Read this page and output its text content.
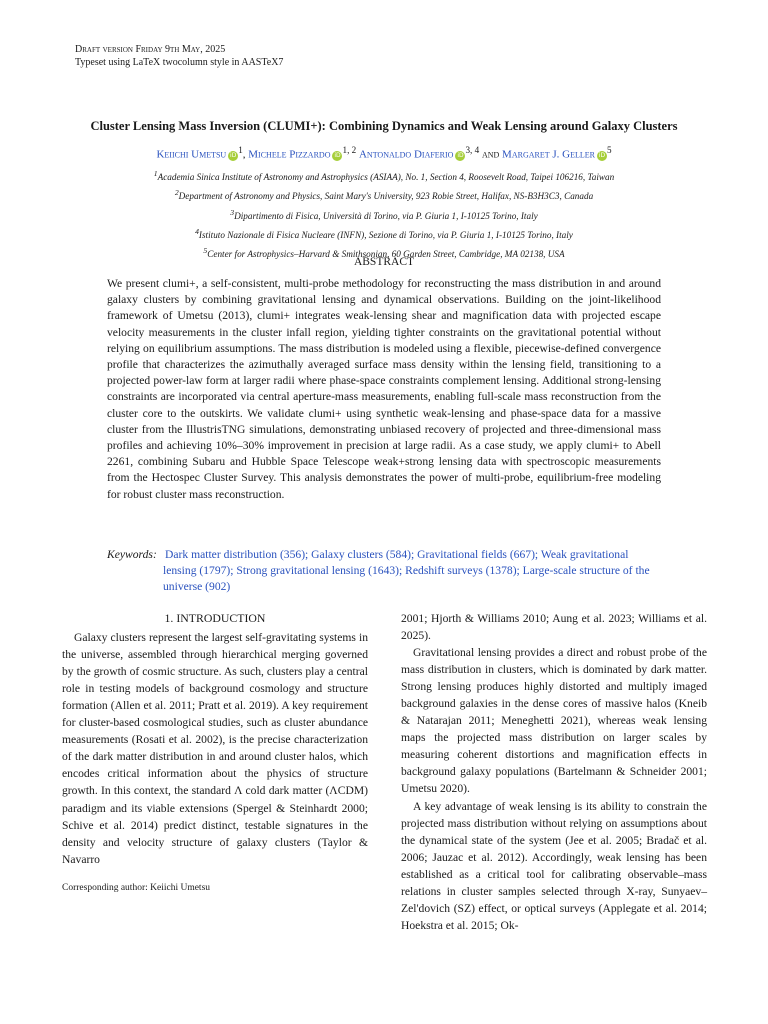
Draft version Friday 9th May, 2025
Typeset using LaTeX twocolumn style in AASTeX7
Cluster Lensing Mass Inversion (CLUMI+): Combining Dynamics and Weak Lensing around Galaxy Clusters
Keiichi Umetsu $iD^1$, Michele Pizzardo iD$^{1, 2}$ Antonaldo Diaferio iD$^{3, 4}$ and Margaret J. Geller $iD^5$
$^1$Academia Sinica Institute of Astronomy and Astrophysics (ASIAA), No. 1, Section 4, Roosevelt Road, Taipei 106216, Taiwan
$^2$Department of Astronomy and Physics, Saint Mary's University, 923 Robie Street, Halifax, NS-B3H3C3, Canada
$^3$Dipartimento di Fisica, Università di Torino, via P. Giuria 1, I-10125 Torino, Italy
$^4$Istituto Nazionale di Fisica Nucleare (INFN), Sezione di Torino, via P. Giuria 1, I-10125 Torino, Italy
$^5$Center for Astrophysics–Harvard & Smithsonian, 60 Garden Street, Cambridge, MA 02138, USA
ABSTRACT
We present clumi+, a self-consistent, multi-probe methodology for reconstructing the mass distribution in and around galaxy clusters by combining gravitational lensing and dynamical observations. Building on the joint-likelihood framework of Umetsu (2013), clumi+ integrates weak-lensing shear and magnification data with projected escape velocity measurements in the cluster infall region, yielding tighter constraints on the gravitational potential without relying on equilibrium assumptions. The mass distribution is modeled using a flexible, piecewise-defined convergence profile that characterizes the azimuthally averaged surface mass density within the lensing field, transitioning to a projected power-law form at larger radii where phase-space constraints complement lensing. Additional strong-lensing constraints are incorporated via central aperture-mass measurements, enabling full-scale mass reconstruction from the cluster core to the outskirts. We validate clumi+ using synthetic weak-lensing and phase-space data for a massive cluster from the IllustrisTNG simulations, demonstrating unbiased recovery of projected and three-dimensional mass profiles and achieving 10%–30% improvement in precision at large radii. As a case study, we apply clumi+ to Abell 2261, combining Subaru and Hubble Space Telescope weak+strong lensing data with spectroscopic measurements from the Hectospec Cluster Survey. This analysis demonstrates the power of multi-probe, equilibrium-free modeling for robust cluster mass reconstruction.
Keywords: Dark matter distribution (356); Galaxy clusters (584); Gravitational fields (667); Weak gravitational lensing (1797); Strong gravitational lensing (1643); Redshift surveys (1378); Large-scale structure of the universe (902)
1. INTRODUCTION

Galaxy clusters represent the largest self-gravitating systems in the universe, assembled through hierarchical merging governed by the growth of cosmic structure. As such, clusters play a central role in testing models of background cosmology and structure formation (Allen et al. 2011; Pratt et al. 2019). A key requirement for cluster-based cosmological studies, such as cluster abundance measurements (Rosati et al. 2002), is the precise characterization of the dark matter distribution in and around cluster halos, which encodes critical information about the physics of structure growth. In this context, the standard Λ cold dark matter (ΛCDM) paradigm and its viable extensions (Spergel & Steinhardt 2000; Schive et al. 2014) predict distinct, testable signatures in the density and velocity structure of galaxy clusters (Taylor & Navarro

2001; Hjorth & Williams 2010; Aung et al. 2023; Williams et al. 2025).

Gravitational lensing provides a direct and robust probe of the mass distribution in clusters, which is dominated by dark matter. Strong lensing produces highly distorted and multiply imaged background galaxies in the dense cores of massive halos (Kneib & Natarajan 2011; Meneghetti 2021), whereas weak lensing maps the projected mass distribution on larger scales by measuring coherent distortions and magnification effects in background galaxy populations (Bartelmann & Schneider 2001; Umetsu 2020).

A key advantage of weak lensing is its ability to constrain the projected mass distribution without relying on assumptions about the dynamical state of the system (Jee et al. 2005; Bradač et al. 2006; Jauzac et al. 2012). Accordingly, weak lensing has been established as a critical tool for calibrating observable–mass relations in cluster samples selected through X-ray, Sunyaev–Zel'dovich (SZ) effect, or optical surveys (Applegate et al. 2014; Hoekstra et al. 2015; Ok-

Corresponding author: Keiichi Umetsu
